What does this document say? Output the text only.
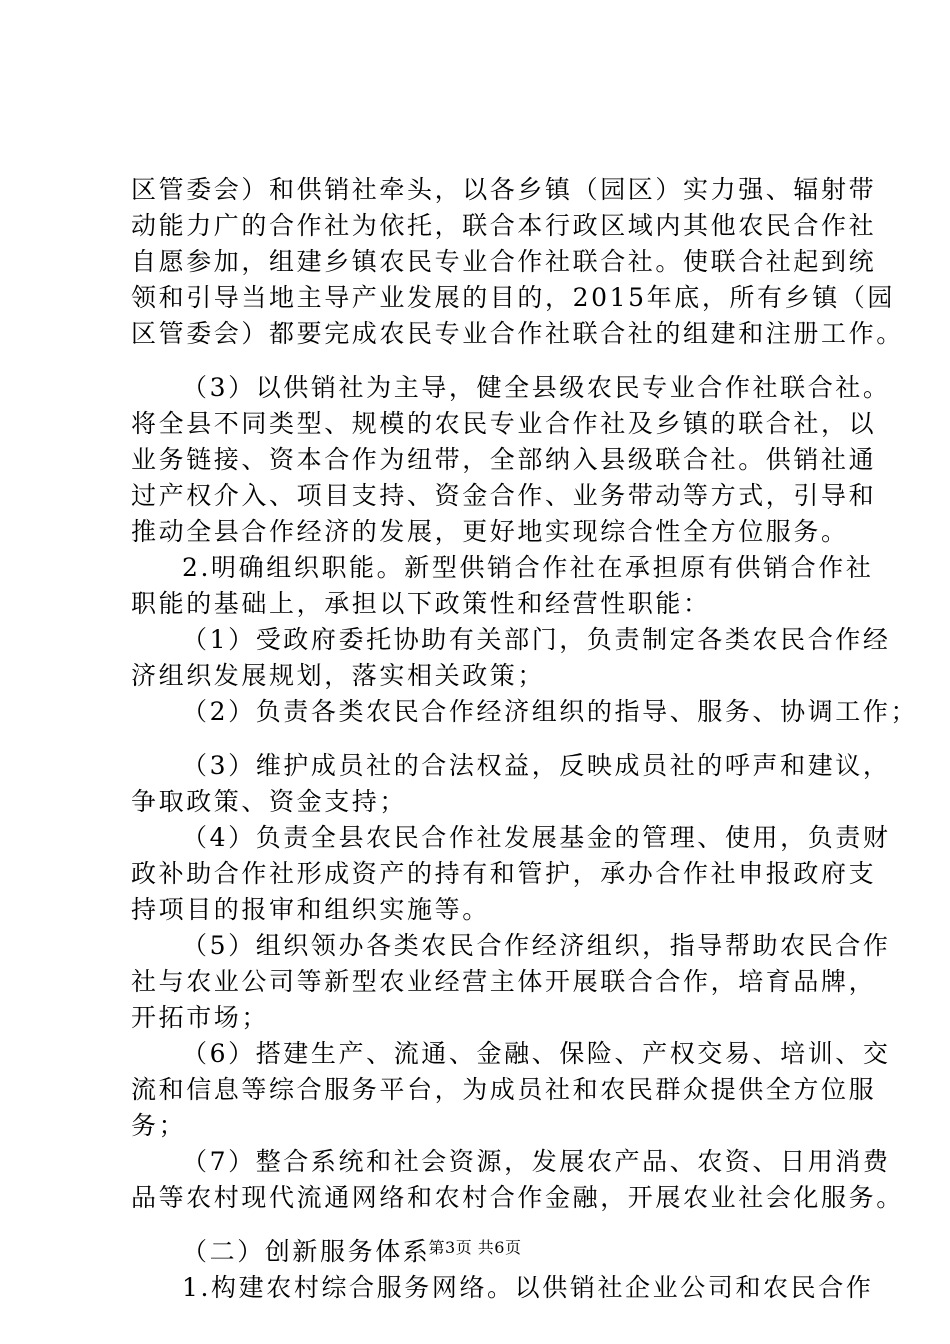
区管委会）和供销社牵头，以各乡镇（园区）实力强、辐射带
动能力广的合作社为依托，联合本行政区域内其他农民合作社
自愿参加，组建乡镇农民专业合作社联合社。使联合社起到统
领和引导当地主导产业发展的目的，2015年底，所有乡镇（园
区管委会）都要完成农民专业合作社联合社的组建和注册工作。
（3）以供销社为主导，健全县级农民专业合作社联合社。
将全县不同类型、规模的农民专业合作社及乡镇的联合社，以
业务链接、资本合作为纽带，全部纳入县级联合社。供销社通
过产权介入、项目支持、资金合作、业务带动等方式，引导和
推动全县合作经济的发展，更好地实现综合性全方位服务。
2.明确组织职能。新型供销合作社在承担原有供销合作社
职能的基础上，承担以下政策性和经营性职能：
（1）受政府委托协助有关部门，负责制定各类农民合作经
济组织发展规划，落实相关政策；
（2）负责各类农民合作经济组织的指导、服务、协调工作；
（3）维护成员社的合法权益，反映成员社的呼声和建议，
争取政策、资金支持；
（4）负责全县农民合作社发展基金的管理、使用，负责财
政补助合作社形成资产的持有和管护，承办合作社申报政府支
持项目的报审和组织实施等。
（5）组织领办各类农民合作经济组织，指导帮助农民合作
社与农业公司等新型农业经营主体开展联合合作，培育品牌，
开拓市场；
（6）搭建生产、流通、金融、保险、产权交易、培训、交
流和信息等综合服务平台，为成员社和农民群众提供全方位服
务；
（7）整合系统和社会资源，发展农产品、农资、日用消费
品等农村现代流通网络和农村合作金融，开展农业社会化服务。
（二）创新服务体系
1.构建农村综合服务网络。以供销社企业公司和农民合作
第3页 共6页
